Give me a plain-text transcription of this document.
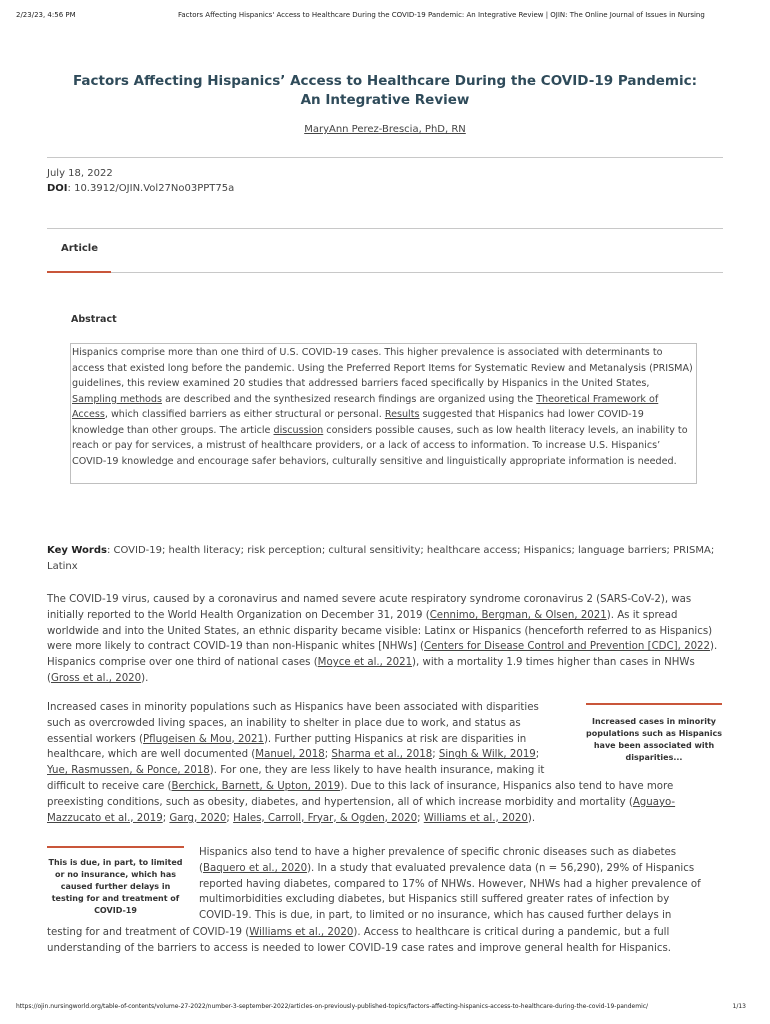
2/23/23, 4:56 PM	Factors Affecting Hispanics' Access to Healthcare During the COVID-19 Pandemic: An Integrative Review | OJIN: The Online Journal of Issues in Nursing
Factors Affecting Hispanics’ Access to Healthcare During the COVID-19 Pandemic:
An Integrative Review
MaryAnn Perez-Brescia, PhD, RN
July 18, 2022
DOI: 10.3912/OJIN.Vol27No03PPT75a
Article
Abstract
Hispanics comprise more than one third of U.S. COVID-19 cases. This higher prevalence is associated with determinants to access that existed long before the pandemic. Using the Preferred Report Items for Systematic Review and Metanalysis (PRISMA) guidelines, this review examined 20 studies that addressed barriers faced specifically by Hispanics in the United States, Sampling methods are described and the synthesized research findings are organized using the Theoretical Framework of Access, which classified barriers as either structural or personal. Results suggested that Hispanics had lower COVID-19 knowledge than other groups. The article discussion considers possible causes, such as low health literacy levels, an inability to reach or pay for services, a mistrust of healthcare providers, or a lack of access to information. To increase U.S. Hispanics’ COVID-19 knowledge and encourage safer behaviors, culturally sensitive and linguistically appropriate information is needed.
Key Words: COVID-19; health literacy; risk perception; cultural sensitivity; healthcare access; Hispanics; language barriers; PRISMA; Latinx
The COVID-19 virus, caused by a coronavirus and named severe acute respiratory syndrome coronavirus 2 (SARS-CoV-2), was initially reported to the World Health Organization on December 31, 2019 (Cennimo, Bergman, & Olsen, 2021). As it spread worldwide and into the United States, an ethnic disparity became visible: Latinx or Hispanics (henceforth referred to as Hispanics) were more likely to contract COVID-19 than non-Hispanic whites [NHWs] (Centers for Disease Control and Prevention [CDC], 2022). Hispanics comprise over one third of national cases (Moyce et al., 2021), with a mortality 1.9 times higher than cases in NHWs (Gross et al., 2020).
Increased cases in minority populations such as Hispanics have been associated with disparities
such as overcrowded living spaces, an inability to shelter in place due to work, and status as
essential workers (Pflugeisen & Mou, 2021). Further putting Hispanics at risk are disparities in
healthcare, which are well documented (Manuel, 2018; Sharma et al., 2018; Singh & Wilk, 2019;
Yue, Rasmussen, & Ponce, 2018). For one, they are less likely to have health insurance, making it
difficult to receive care (Berchick, Barnett, & Upton, 2019). Due to this lack of insurance, Hispanics also tend to have more preexisting conditions, such as obesity, diabetes, and hypertension, all of which increase morbidity and mortality (Aguayo-Mazzucato et al., 2019; Garg, 2020; Hales, Carroll, Fryar, & Ogden, 2020; Williams et al., 2020).
Increased cases in minority populations such as Hispanics have been associated with disparities...
Hispanics also tend to have a higher prevalence of specific chronic diseases such as diabetes
(Baquero et al., 2020). In a study that evaluated prevalence data (n = 56,290), 29% of Hispanics
reported having diabetes, compared to 17% of NHWs. However, NHWs had a higher prevalence of
multimorbidities excluding diabetes, but Hispanics still suffered greater rates of infection by
COVID-19. This is due, in part, to limited or no insurance, which has caused further delays in
testing for and treatment of COVID-19 (Williams et al., 2020). Access to healthcare is critical during a pandemic, but a full understanding of the barriers to access is needed to lower COVID-19 case rates and improve general health for Hispanics.
This is due, in part, to limited or no insurance, which has caused further delays in testing for and treatment of COVID-19
https://ojin.nursingworld.org/table-of-contents/volume-27-2022/number-3-september-2022/articles-on-previously-published-topics/factors-affecting-hispanics-access-to-healthcare-during-the-covid-19-pandemic/	1/13
